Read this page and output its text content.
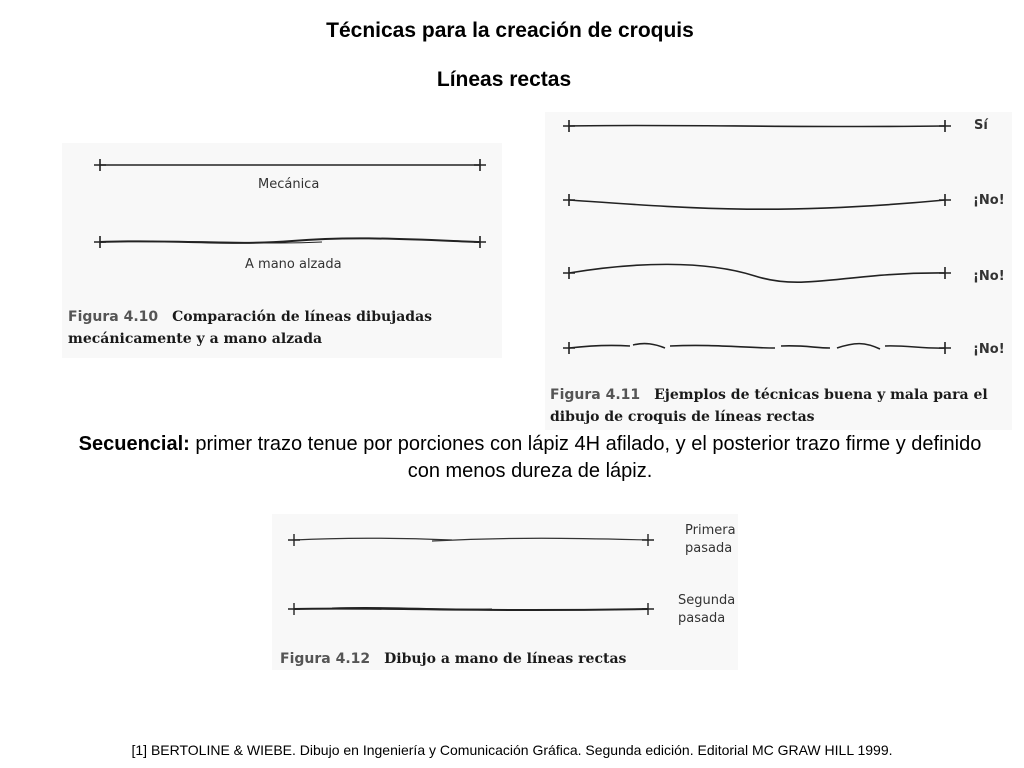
Técnicas para la creación de croquis
Líneas rectas
Mecánica
A mano alzada
Figura 4.10 Comparación de líneas dibujadas
mecánicamente y a mano alzada
Sí
¡No!
¡No!
¡No!
Figura 4.11 Ejemplos de técnicas buena y mala para el
dibujo de croquis de líneas rectas
Secuencial: primer trazo tenue por porciones con lápiz 4H afilado, y el posterior trazo firme y definido con menos dureza de lápiz.
Primera
pasada
Segunda
pasada
Figura 4.12 Dibujo a mano de líneas rectas
[1] BERTOLINE & WIEBE. Dibujo en Ingeniería y Comunicación Gráfica. Segunda edición. Editorial MC GRAW HILL 1999.
